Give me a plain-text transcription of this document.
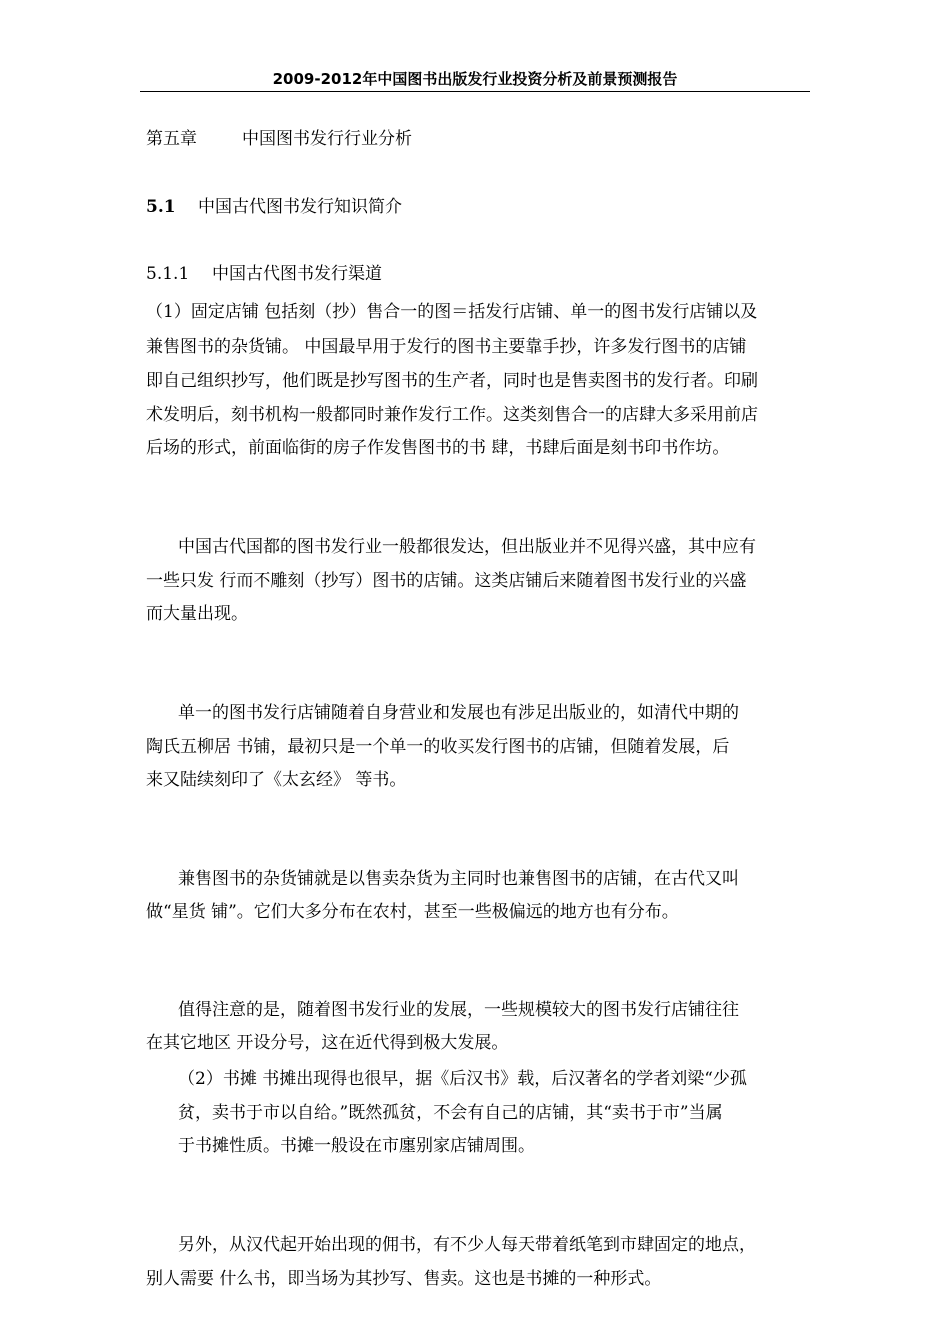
2009-2012年中国图书出版发行业投资分析及前景预测报告
第五章	中国图书发行行业分析
5.1 中国古代图书发行知识简介
5.1.1 中国古代图书发行渠道
（1）固定店铺 包括刻（抄）售合一的图＝括发行店铺、单一的图书发行店铺以及
兼售图书的杂货铺。 中国最早用于发行的图书主要靠手抄，许多发行图书的店铺
即自己组织抄写，他们既是抄写图书的生产者，同时也是售卖图书的发行者。印刷
术发明后，刻书机构一般都同时兼作发行工作。这类刻售合一的店肆大多采用前店
后场的形式，前面临街的房子作发售图书的书 肆，书肆后面是刻书印书作坊。
中国古代国都的图书发行业一般都很发达，但出版业并不见得兴盛，其中应有
一些只发 行而不雕刻（抄写）图书的店铺。这类店铺后来随着图书发行业的兴盛
而大量出现。
单一的图书发行店铺随着自身营业和发展也有涉足出版业的，如清代中期的
陶氏五柳居 书铺，最初只是一个单一的收买发行图书的店铺，但随着发展，后
来又陆续刻印了《太玄经》 等书。
兼售图书的杂货铺就是以售卖杂货为主同时也兼售图书的店铺，在古代又叫
做“星货 铺”。它们大多分布在农村，甚至一些极偏远的地方也有分布。
值得注意的是，随着图书发行业的发展，一些规模较大的图书发行店铺往往
在其它地区 开设分号，这在近代得到极大发展。
（2）书摊 书摊出现得也很早，据《后汉书》载，后汉著名的学者刘梁“少孤
贫，卖书于市以自给。”既然孤贫，不会有自己的店铺，其“卖书于市”当属
于书摊性质。书摊一般设在市廛别家店铺周围。
另外，从汉代起开始出现的佣书，有不少人每天带着纸笔到市肆固定的地点，
别人需要 什么书，即当场为其抄写、售卖。这也是书摊的一种形式。
